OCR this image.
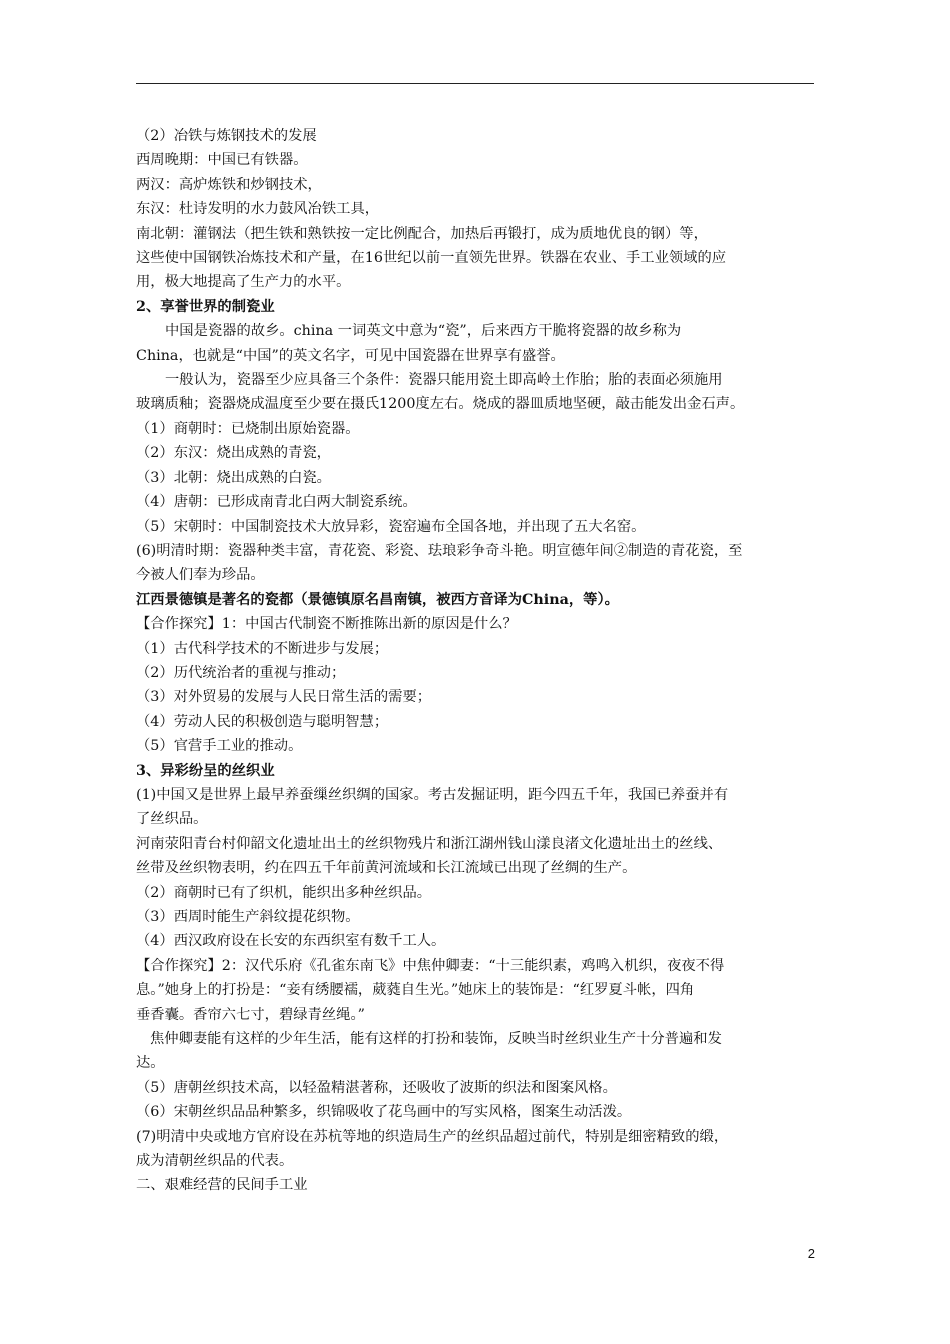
（2）冶铁与炼钢技术的发展
西周晚期：中国已有铁器。
两汉：高炉炼铁和炒钢技术，
东汉：杜诗发明的水力鼓风冶铁工具，
南北朝：灌钢法（把生铁和熟铁按一定比例配合，加热后再锻打，成为质地优良的钢）等，
这些使中国钢铁冶炼技术和产量，在16世纪以前一直领先世界。铁器在农业、手工业领域的应
用，极大地提高了生产力的水平。
2、享誉世界的制瓷业
中国是瓷器的故乡。china 一词英文中意为“瓷”，后来西方干脆将瓷器的故乡称为
China，也就是“中国”的英文名字，可见中国瓷器在世界享有盛誉。
一般认为，瓷器至少应具备三个条件：瓷器只能用瓷土即高岭土作胎；胎的表面必须施用
玻璃质釉；瓷器烧成温度至少要在摄氏1200度左右。烧成的器皿质地坚硬，敲击能发出金石声。
（1）商朝时：已烧制出原始瓷器。
（2）东汉：烧出成熟的青瓷，
（3）北朝：烧出成熟的白瓷。
（4）唐朝：已形成南青北白两大制瓷系统。
（5）宋朝时：中国制瓷技术大放异彩，瓷窑遍布全国各地，并出现了五大名窑。
(6)明清时期：瓷器种类丰富，青花瓷、彩瓷、珐琅彩争奇斗艳。明宣德年间②制造的青花瓷，至
今被人们奉为珍品。
江西景德镇是著名的瓷都（景德镇原名昌南镇，被西方音译为China，等）。
【合作探究】1：中国古代制瓷不断推陈出新的原因是什么？
（1）古代科学技术的不断进步与发展；
（2）历代统治者的重视与推动；
（3）对外贸易的发展与人民日常生活的需要；
（4）劳动人民的积极创造与聪明智慧；
（5）官营手工业的推动。
3、异彩纷呈的丝织业
(1)中国又是世界上最早养蚕缫丝织绸的国家。考古发掘证明，距今四五千年，我国已养蚕并有
了丝织品。
河南荥阳青台村仰韶文化遗址出土的丝织物残片和浙江湖州钱山漾良渚文化遗址出土的丝线、
丝带及丝织物表明，约在四五千年前黄河流域和长江流域已出现了丝绸的生产。
（2）商朝时已有了织机，能织出多种丝织品。
（3）西周时能生产斜纹提花织物。
（4）西汉政府设在长安的东西织室有数千工人。
【合作探究】2：汉代乐府《孔雀东南飞》中焦仲卿妻：“十三能织素，鸡鸣入机织，夜夜不得
息。”她身上的打扮是：“妾有绣腰襦，葳蕤自生光。”她床上的装饰是：“红罗夏斗帐，四角
垂香囊。香帘六七寸，碧绿青丝绳。”
焦仲卿妻能有这样的少年生活，能有这样的打扮和装饰，反映当时丝织业生产十分普遍和发
达。
（5）唐朝丝织技术高，以轻盈精湛著称，还吸收了波斯的织法和图案风格。
（6）宋朝丝织品品种繁多，织锦吸收了花鸟画中的写实风格，图案生动活泼。
(7)明清中央或地方官府设在苏杭等地的织造局生产的丝织品超过前代，特别是细密精致的缎，
成为清朝丝织品的代表。
二、艰难经营的民间手工业
2
